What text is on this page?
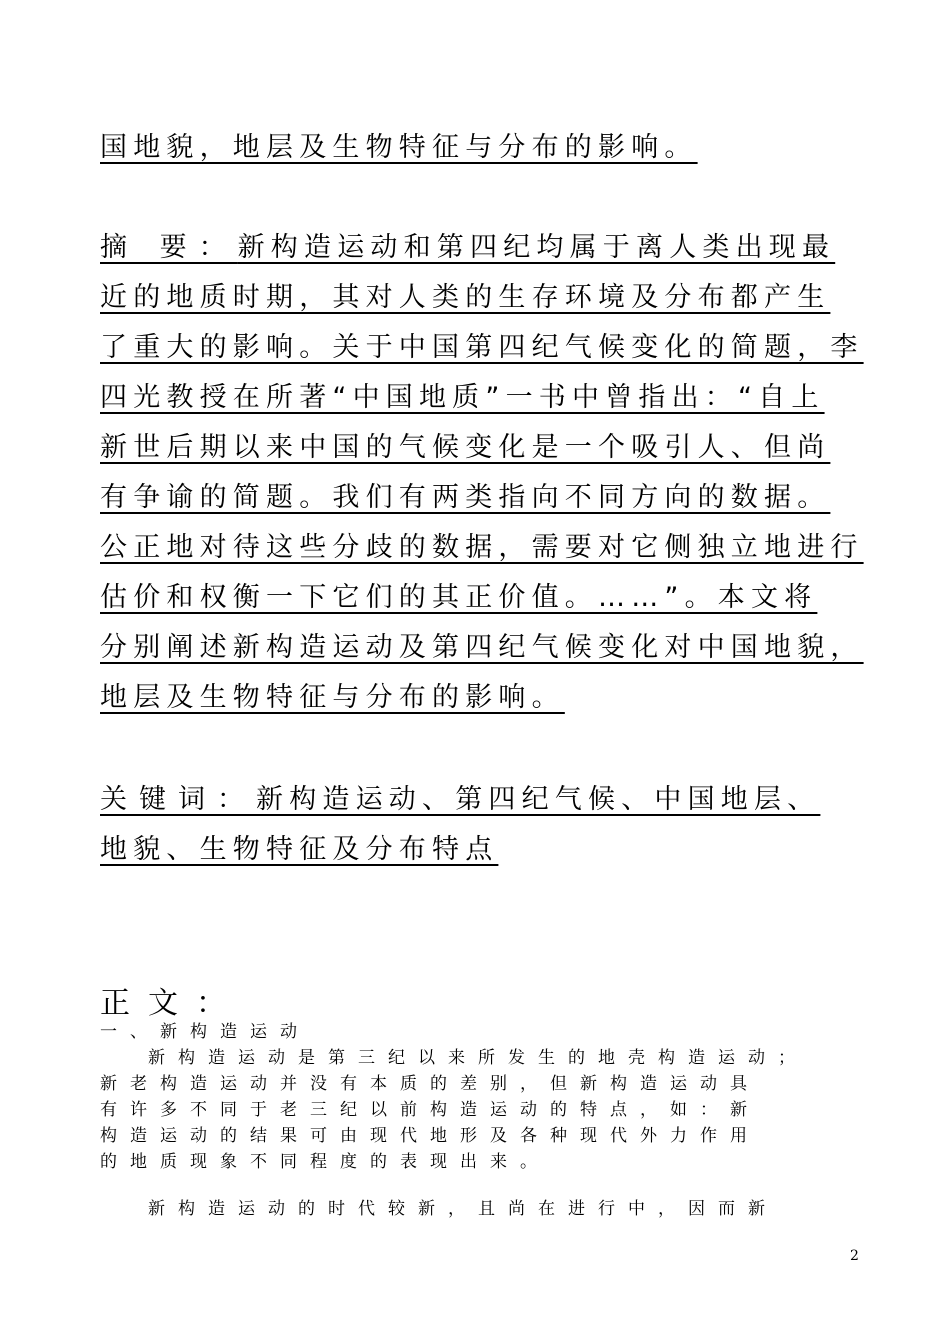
国地貌，地层及生物特征与分布的影响。
摘 要：新构造运动和第四纪均属于离人类出现最
近的地质时期，其对人类的生存环境及分布都产生
了重大的影响。关于中国第四纪气候变化的简题，李
四光教授在所著“中国地质”一书中曾指出：“自上
新世后期以来中国的气候变化是一个吸引人、但尚
有争谕的简题。我们有两类指向不同方向的数据。
公正地对待这些分歧的数据，需要对它侧独立地进行
估价和权衡一下它们的其正价值。……”。本文将
分别阐述新构造运动及第四纪气候变化对中国地貌，
地层及生物特征与分布的影响。
关键词：新构造运动、第四纪气候、中国地层、
地貌、生物特征及分布特点
正文：
一、新构造运动
新构造运动是第三纪以来所发生的地壳构造运动；
新老构造运动并没有本质的差别，但新构造运动具
有许多不同于老三纪以前构造运动的特点，如：新
构造运动的结果可由现代地形及各种现代外力作用
的地质现象不同程度的表现出来。
新构造运动的时代较新，且尚在进行中，因而新
2
